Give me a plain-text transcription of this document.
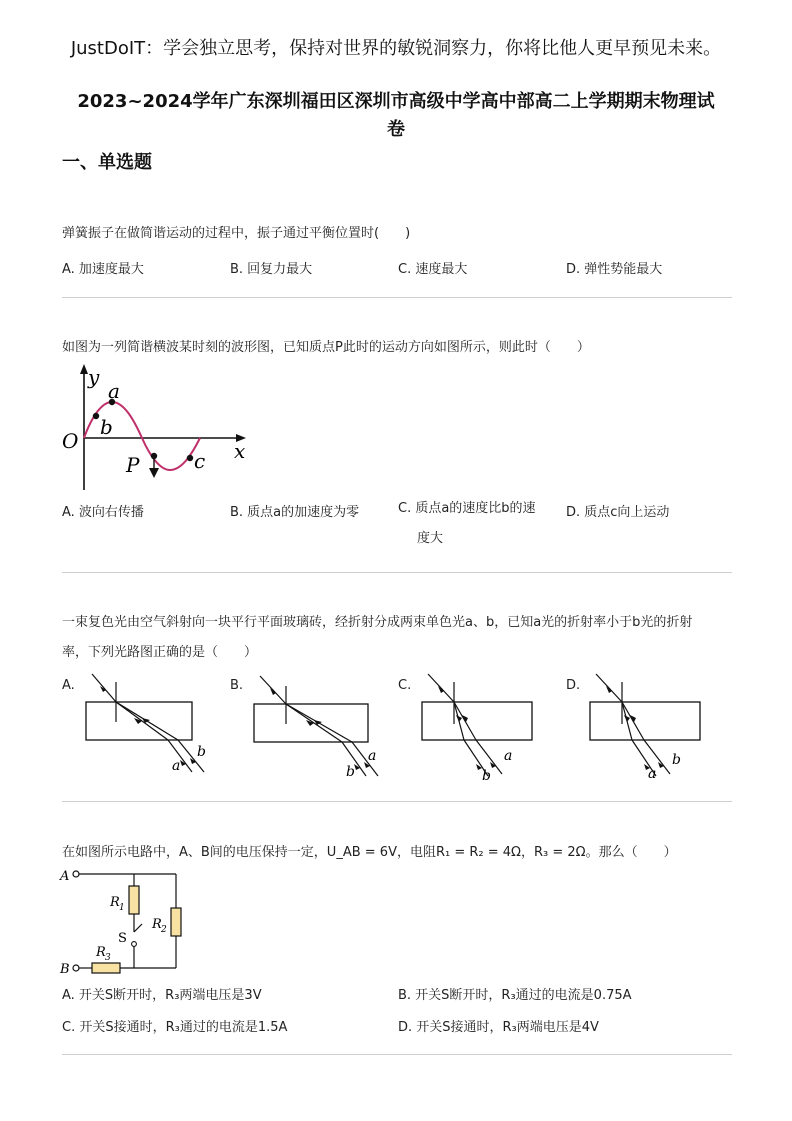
JustDoIT：学会独立思考，保持对世界的敏锐洞察力，你将比他人更早预见未来。
2023~2024学年广东深圳福田区深圳市高级中学高中部高二上学期期末物理试
卷
一、单选题
弹簧振子在做简谐运动的过程中，振子通过平衡位置时(　　)
A. 加速度最大	B. 回复力最大	C. 速度最大	D. 弹性势能最大
如图为一列简谐横波某时刻的波形图，已知质点P此时的运动方向如图所示，则此时（　　）
y
x
O
a
b
P	c
A. 波向右传播	B. 质点a的加速度为零	C. 质点a的速度比b的速
度大
D. 质点c向上运动
一束复色光由空气斜射向一块平行平面玻璃砖，经折射分成两束单色光a、b，已知a光的折射率小于b光的折射
率，下列光路图正确的是（　　）
A.
b
a
B.
a
b
C.
a
b
D.
b
a
在如图所示电路中，A、B间的电压保持一定，U_AB = 6V，电阻R₁ = R₂ = 4Ω，R₃ = 2Ω。那么（　　）
A
B
R 1
R 2
R 3
S
A. 开关S断开时，R₃两端电压是3V	B. 开关S断开时，R₃通过的电流是0.75A
C. 开关S接通时，R₃通过的电流是1.5A	D. 开关S接通时，R₃两端电压是4V
